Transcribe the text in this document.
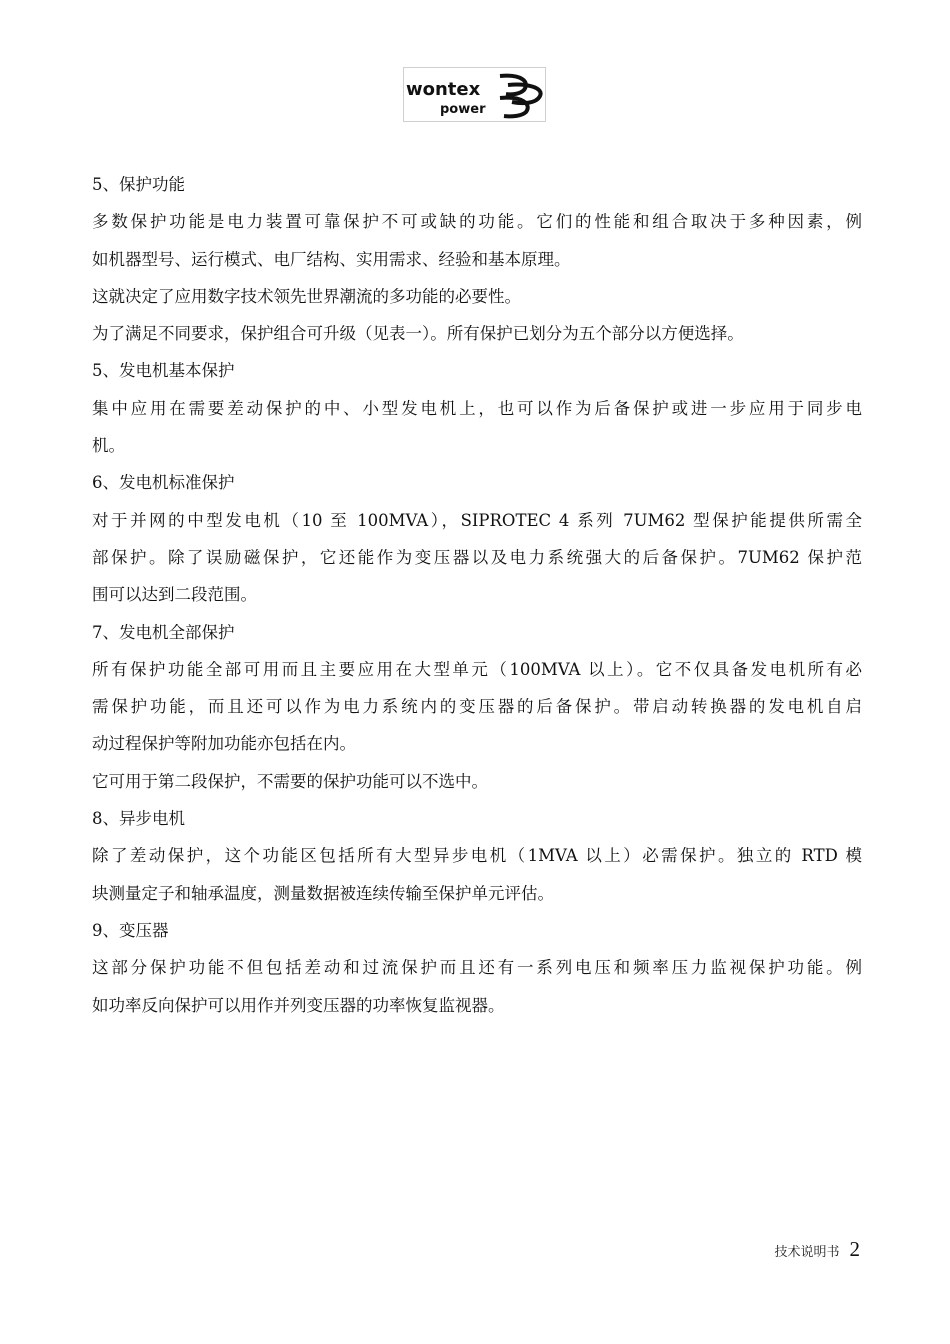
wontex
power
5、保护功能
多数保护功能是电力装置可靠保护不可或缺的功能。它们的性能和组合取决于多种因素，例
如机器型号、运行模式、电厂结构、实用需求、经验和基本原理。
这就决定了应用数字技术领先世界潮流的多功能的必要性。
为了满足不同要求，保护组合可升级（见表一）。所有保护已划分为五个部分以方便选择。
5、发电机基本保护
集中应用在需要差动保护的中、小型发电机上，也可以作为后备保护或进一步应用于同步电
机。
6、发电机标准保护
对于并网的中型发电机（10 至 100MVA），SIPROTEC 4 系列 7UM62 型保护能提供所需全
部保护。除了误励磁保护，它还能作为变压器以及电力系统强大的后备保护。7UM62 保护范
围可以达到二段范围。
7、发电机全部保护
所有保护功能全部可用而且主要应用在大型单元（100MVA 以上）。它不仅具备发电机所有必
需保护功能，而且还可以作为电力系统内的变压器的后备保护。带启动转换器的发电机自启
动过程保护等附加功能亦包括在内。
它可用于第二段保护，不需要的保护功能可以不选中。
8、异步电机
除了差动保护，这个功能区包括所有大型异步电机（1MVA 以上）必需保护。独立的 RTD 模
块测量定子和轴承温度，测量数据被连续传输至保护单元评估。
9、变压器
这部分保护功能不但包括差动和过流保护而且还有一系列电压和频率压力监视保护功能。例
如功率反向保护可以用作并列变压器的功率恢复监视器。
技术说明书 2
